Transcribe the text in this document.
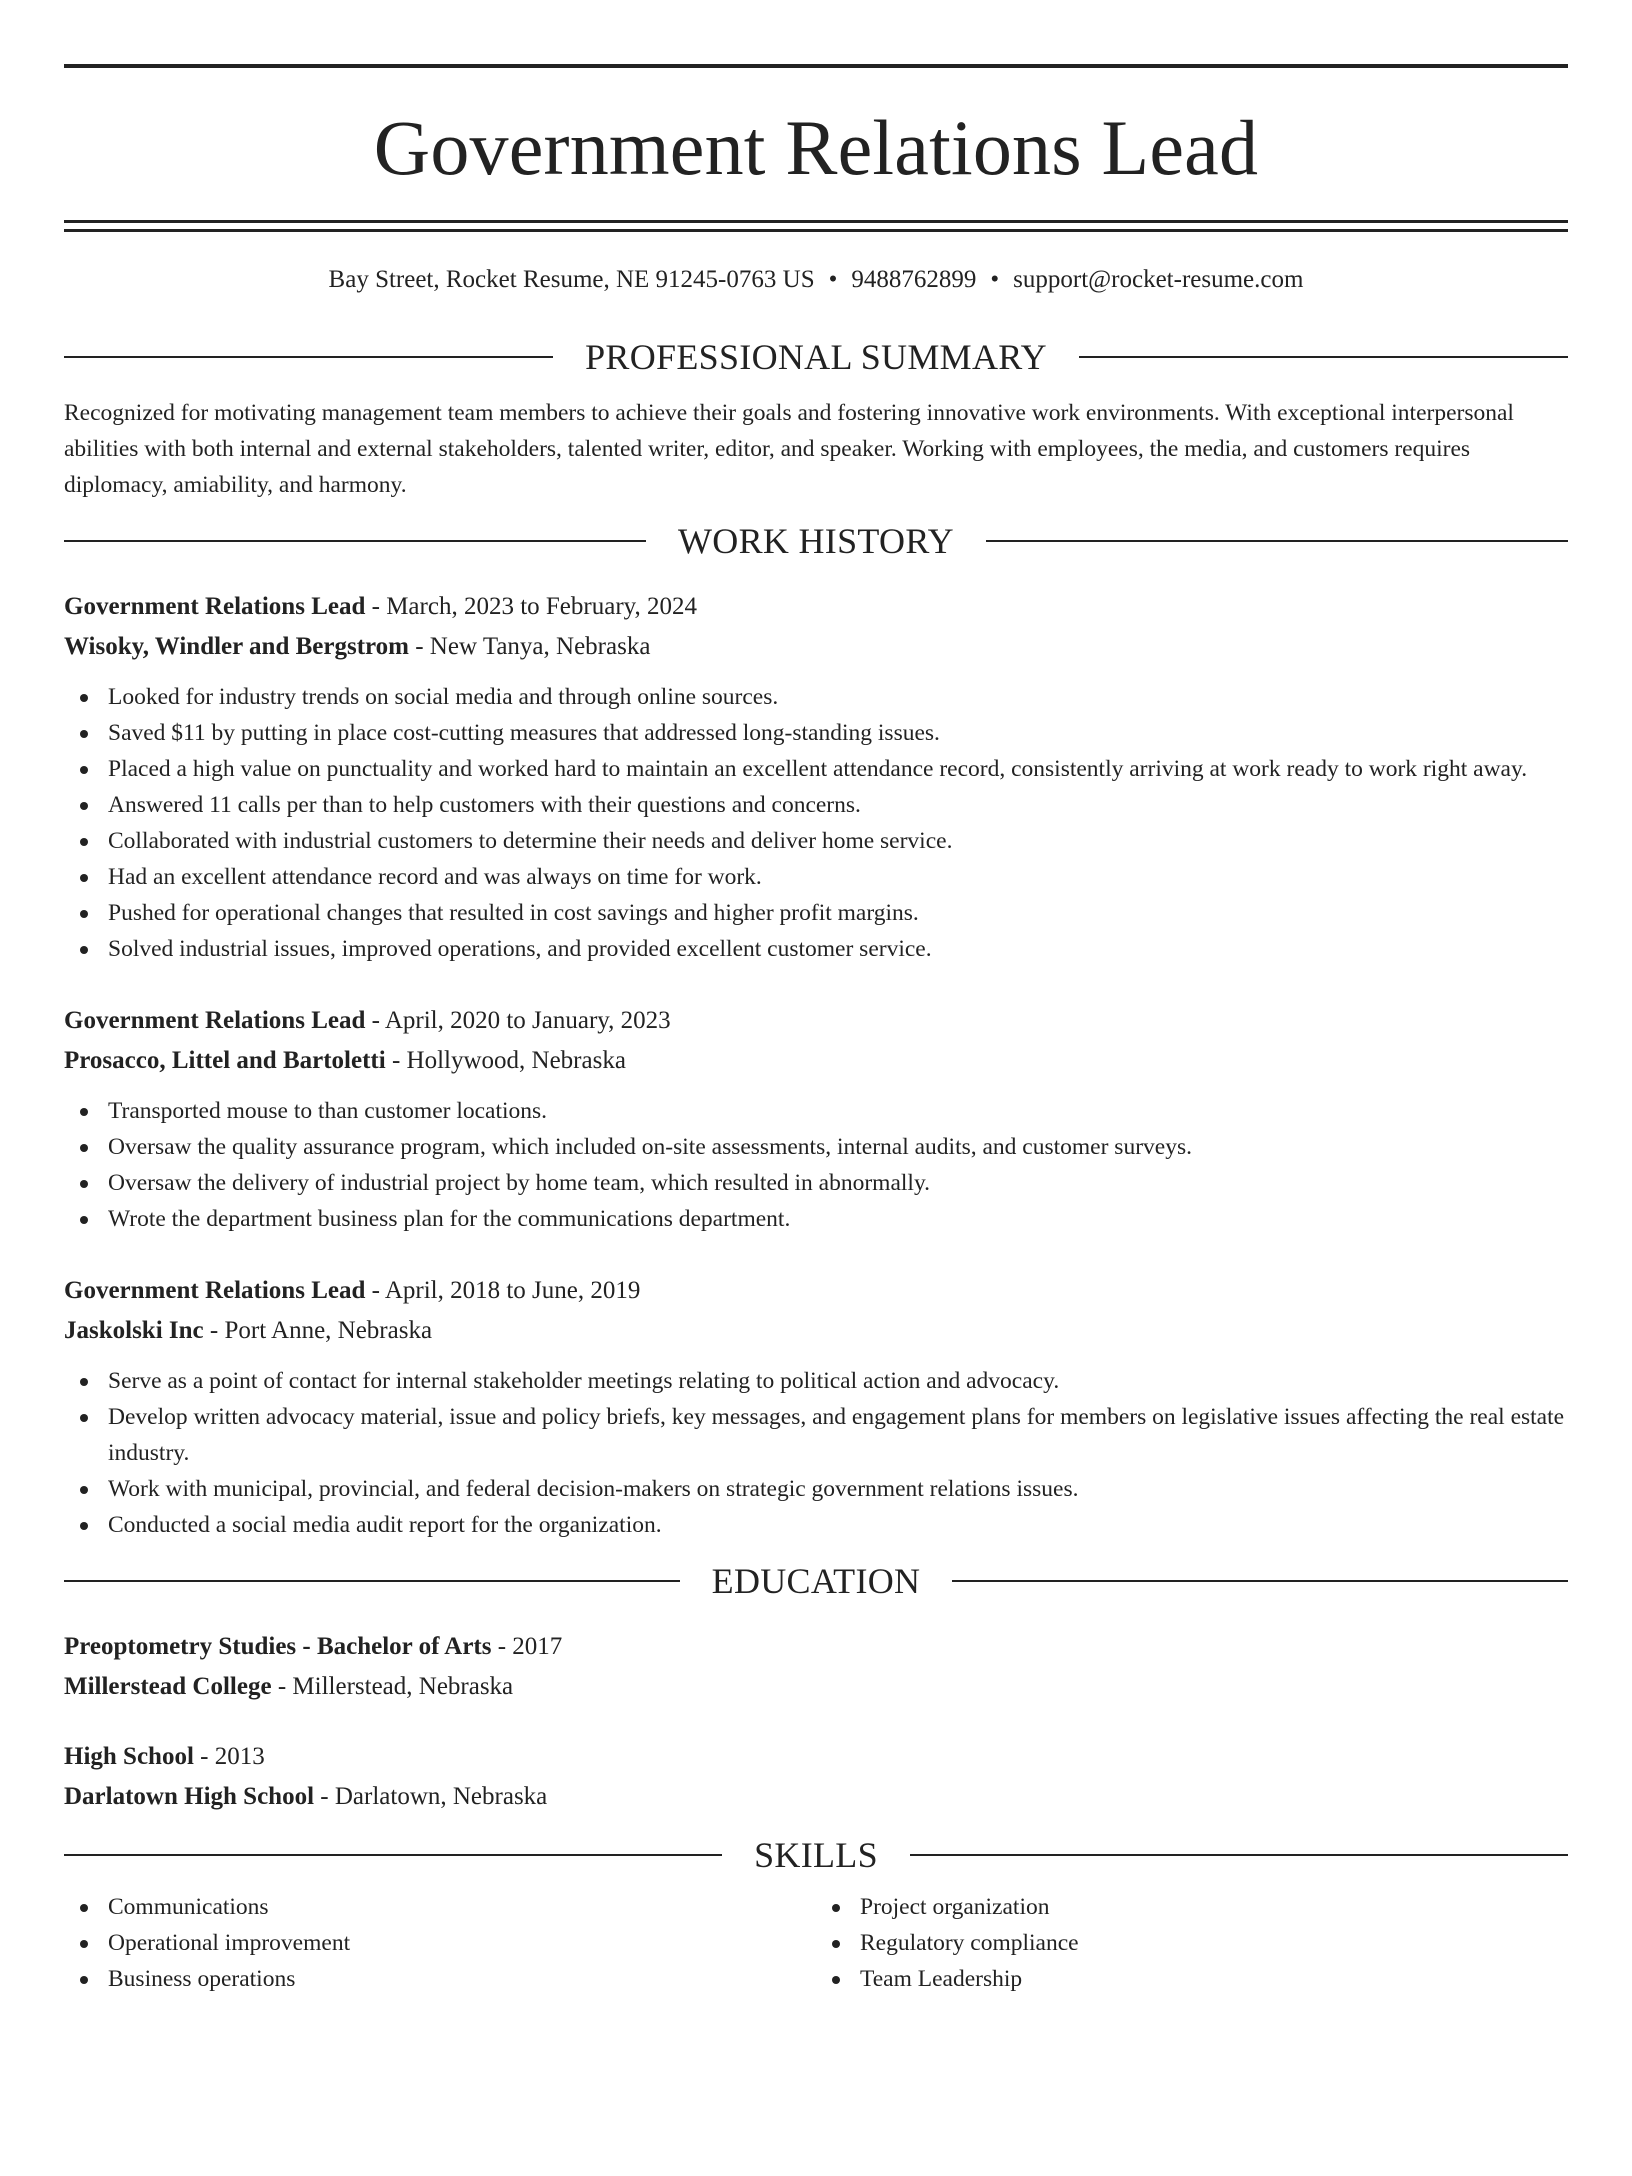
Government Relations Lead
Bay Street, Rocket Resume, NE 91245-0763 US • 9488762899 • support@rocket-resume.com
PROFESSIONAL SUMMARY
Recognized for motivating management team members to achieve their goals and fostering innovative work environments. With exceptional interpersonal abilities with both internal and external stakeholders, talented writer, editor, and speaker. Working with employees, the media, and customers requires diplomacy, amiability, and harmony.
WORK HISTORY
Government Relations Lead - March, 2023 to February, 2024
Wisoky, Windler and Bergstrom - New Tanya, Nebraska
Looked for industry trends on social media and through online sources.
Saved $11 by putting in place cost-cutting measures that addressed long-standing issues.
Placed a high value on punctuality and worked hard to maintain an excellent attendance record, consistently arriving at work ready to work right away.
Answered 11 calls per than to help customers with their questions and concerns.
Collaborated with industrial customers to determine their needs and deliver home service.
Had an excellent attendance record and was always on time for work.
Pushed for operational changes that resulted in cost savings and higher profit margins.
Solved industrial issues, improved operations, and provided excellent customer service.
Government Relations Lead - April, 2020 to January, 2023
Prosacco, Littel and Bartoletti - Hollywood, Nebraska
Transported mouse to than customer locations.
Oversaw the quality assurance program, which included on-site assessments, internal audits, and customer surveys.
Oversaw the delivery of industrial project by home team, which resulted in abnormally.
Wrote the department business plan for the communications department.
Government Relations Lead - April, 2018 to June, 2019
Jaskolski Inc - Port Anne, Nebraska
Serve as a point of contact for internal stakeholder meetings relating to political action and advocacy.
Develop written advocacy material, issue and policy briefs, key messages, and engagement plans for members on legislative issues affecting the real estate industry.
Work with municipal, provincial, and federal decision-makers on strategic government relations issues.
Conducted a social media audit report for the organization.
EDUCATION
Preoptometry Studies - Bachelor of Arts - 2017
Millerstead College - Millerstead, Nebraska
High School - 2013
Darlatown High School - Darlatown, Nebraska
SKILLS
Communications
Operational improvement
Business operations
Project organization
Regulatory compliance
Team Leadership
